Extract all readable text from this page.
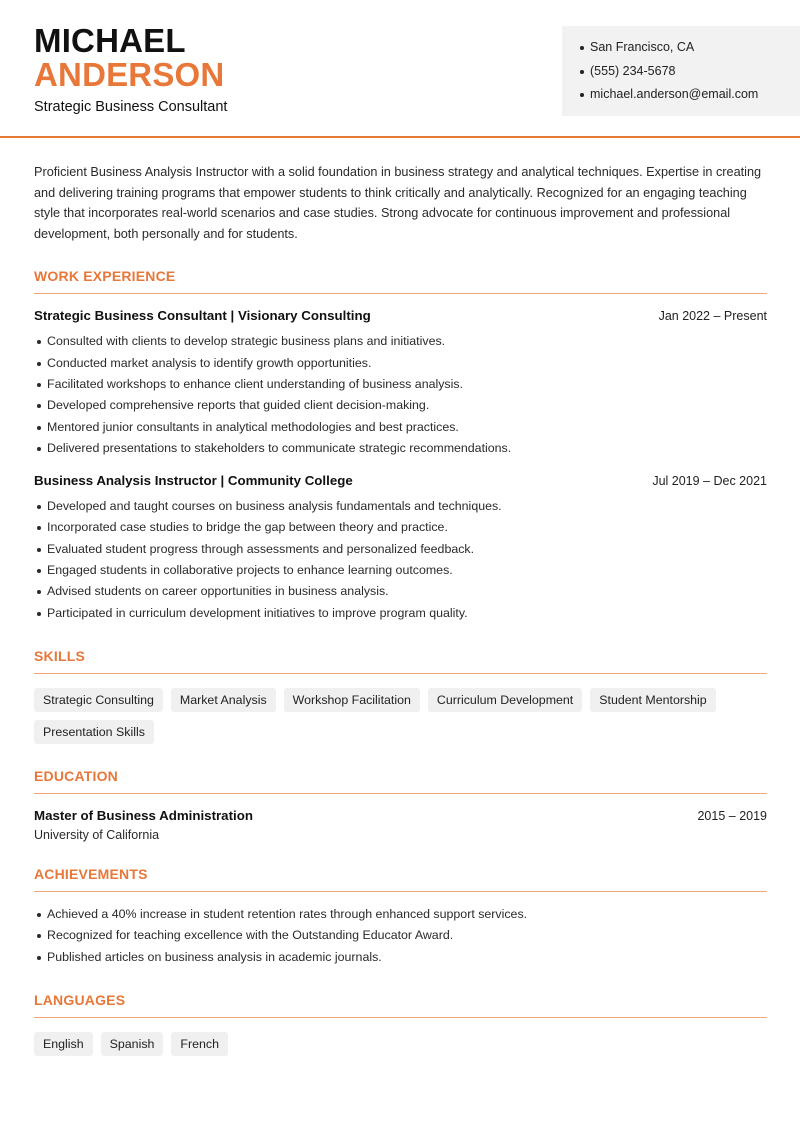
MICHAEL
ANDERSON
Strategic Business Consultant
San Francisco, CA
(555) 234-5678
michael.anderson@email.com

Proficient Business Analysis Instructor with a solid foundation in business strategy and analytical techniques. Expertise in creating and delivering training programs that empower students to think critically and analytically. Recognized for an engaging teaching style that incorporates real-world scenarios and case studies. Strong advocate for continuous improvement and professional development, both personally and for students.

WORK EXPERIENCE
Strategic Business Consultant | Visionary Consulting	Jan 2022 – Present
Consulted with clients to develop strategic business plans and initiatives.
Conducted market analysis to identify growth opportunities.
Facilitated workshops to enhance client understanding of business analysis.
Developed comprehensive reports that guided client decision-making.
Mentored junior consultants in analytical methodologies and best practices.
Delivered presentations to stakeholders to communicate strategic recommendations.
Business Analysis Instructor | Community College	Jul 2019 – Dec 2021
Developed and taught courses on business analysis fundamentals and techniques.
Incorporated case studies to bridge the gap between theory and practice.
Evaluated student progress through assessments and personalized feedback.
Engaged students in collaborative projects to enhance learning outcomes.
Advised students on career opportunities in business analysis.
Participated in curriculum development initiatives to improve program quality.
SKILLS
Strategic Consulting	Market Analysis	Workshop Facilitation	Curriculum Development	Student Mentorship
Presentation Skills
EDUCATION
Master of Business Administration	2015 – 2019
University of California
ACHIEVEMENTS
Achieved a 40% increase in student retention rates through enhanced support services.
Recognized for teaching excellence with the Outstanding Educator Award.
Published articles on business analysis in academic journals.
LANGUAGES
English	Spanish	French
